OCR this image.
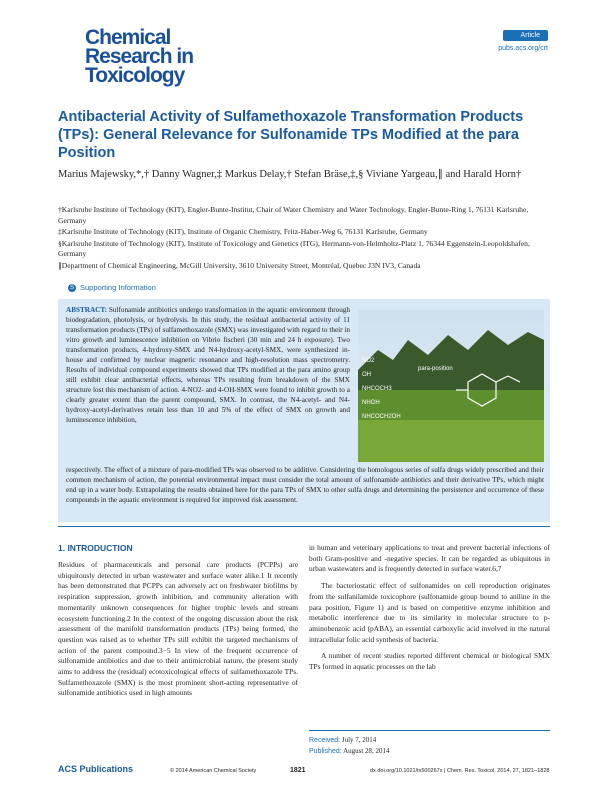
Chemical
Research in
Toxicology
Article
pubs.acs.org/crt
Antibacterial Activity of Sulfamethoxazole Transformation Products (TPs): General Relevance for Sulfonamide TPs Modified at the para Position
Marius Majewsky,*,† Danny Wagner,‡ Markus Delay,† Stefan Bräse,‡,§ Viviane Yargeau,∥ and Harald Horn†

†Karlsruhe Institute of Technology (KIT), Engler-Bunte-Institut, Chair of Water Chemistry and Water Technology, Engler-Bunte-Ring 1, 76131 Karlsruhe, Germany

‡Karlsruhe Institute of Technology (KIT), Institute of Organic Chemistry, Fritz-Haber-Weg 6, 76131 Karlsruhe, Germany

§Karlsruhe Institute of Technology (KIT), Institute of Toxicology and Genetics (ITG), Hermann-von-Helmholtz-Platz 1, 76344 Eggenstein-Leopoldshafen, Germany

∥Department of Chemical Engineering, McGill University, 3610 University Street, Montréal, Quebec J3N IV3, Canada

S Supporting Information
ABSTRACT: Sulfonamide antibiotics undergo transformation in the aquatic environment through biodegradation, photolysis, or hydrolysis. In this study, the residual antibacterial activity of 11 transformation products (TPs) of sulfamethoxazole (SMX) was investigated with regard to their in vitro growth and luminescence inhibition on Vibrio fischeri (30 min and 24 h exposure). Two transformation products, 4-hydroxy-SMX and N4-hydroxy-acetyl-SMX, were synthesized in-house and confirmed by nuclear magnetic resonance and high-resolution mass spectrometry. Results of individual compound experiments showed that TPs modified at the para amino group still exhibit clear antibacterial effects, whereas TPs resulting from breakdown of the SMX structure lost this mechanism of action. 4-NO2- and 4-OH-SMX were found to inhibit growth to a clearly greater extent than the parent compound, SMX. In contrast, the N4-acetyl- and N4-hydroxy-acetyl-derivatives retain less than 10 and 5% of the effect of SMX on growth and luminescence inhibition,
respectively. The effect of a mixture of para-modified TPs was observed to be additive. Considering the homologous series of sulfa drugs widely prescribed and their common mechanism of action, the potential environmental impact must consider the total amount of sulfonamide antibiotics and their derivative TPs, which might end up in a water body. Extrapolating the results obtained here for the para TPs of SMX to other sulfa drugs and determining the persistence and occurrence of these compounds in the aquatic environment is required for improved risk assessment.
NO2
OH
NHCOCH3
NHOH
NHCOCH2OH
para-position
1. INTRODUCTION

Residues of pharmaceuticals and personal care products (PCPPs) are ubiquitously detected in urban wastewater and surface water alike.1 It recently has been demonstrated that PCPPs can adversely act on freshwater biofilms by respiration suppression, growth inhibition, and community alteration with momentarily unknown consequences for higher trophic levels and stream ecosystem functioning.2 In the context of the ongoing discussion about the risk assessment of the manifold transformation products (TPs) being formed, the question was raised as to whether TPs still exhibit the targeted mechanisms of action of the parent compound.3−5 In view of the frequent occurrence of sulfonamide antibiotics and due to their antimicrobial nature, the present study aims to address the (residual) ecotoxicological effects of sulfamethoxazole TPs. Sulfamethoxazole (SMX) is the most prominent short-acting representative of sulfonamide antibiotics used in high amounts

in human and veterinary applications to treat and prevent bacterial infections of both Gram-positive and -negative species. It can be regarded as ubiquitous in urban wastewaters and is frequently detected in surface water.6,7

The bacteriostatic effect of sulfonamides on cell reproduction originates from the sulfanilamide toxicophore (sulfonamide group bound to aniline in the para position, Figure 1) and is based on competitive enzyme inhibition and metabolic interference due to its similarity in molecular structure to p-aminobenzoic acid (pABA), an essential carboxylic acid involved in the natural intracellular folic acid synthesis of bacteria.

A number of recent studies reported different chemical or biological SMX TPs formed in aquatic processes on the lab

Received: July 7, 2014
Published: August 28, 2014
ACS Publications	© 2014 American Chemical Society	1821	dx.doi.org/10.1021/tx500267x | Chem. Res. Toxicol. 2014, 27, 1821−1828
